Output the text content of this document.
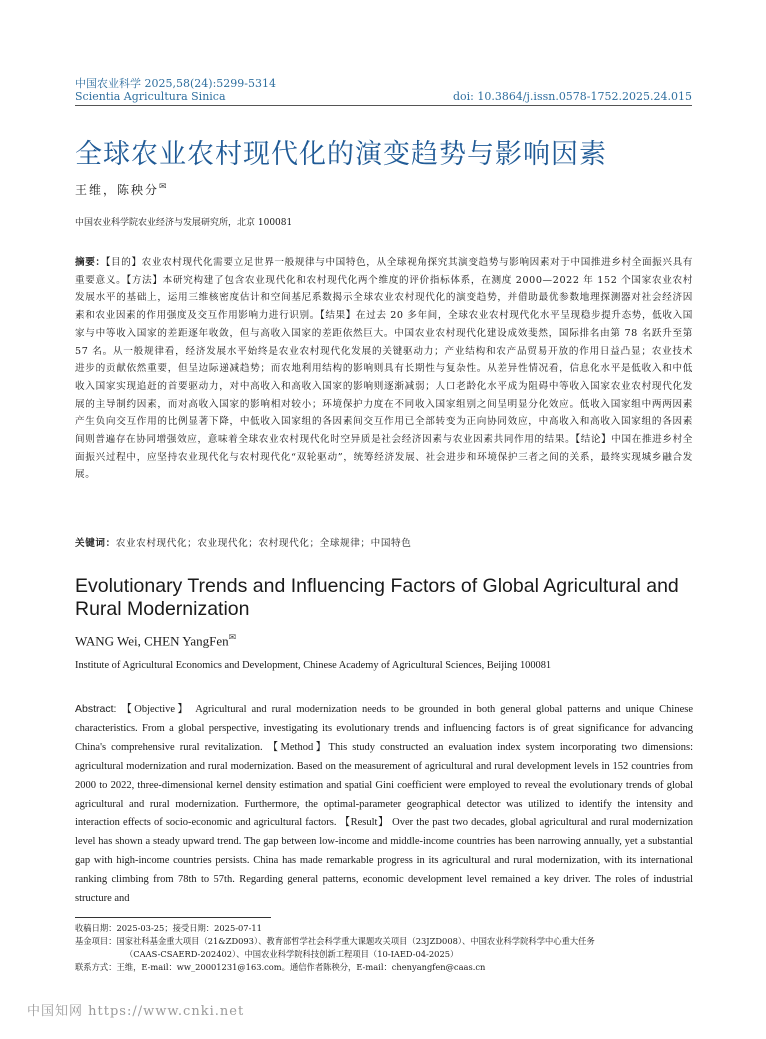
中国农业科学 2025,58(24):5299-5314
Scientia Agricultura Sinica	doi: 10.3864/j.issn.0578-1752.2025.24.015
全球农业农村现代化的演变趋势与影响因素
王维，陈秧分✉
中国农业科学院农业经济与发展研究所，北京 100081
摘要：【目的】农业农村现代化需要立足世界一般规律与中国特色，从全球视角探究其演变趋势与影响因素对于中国推进乡村全面振兴具有重要意义。【方法】本研究构建了包含农业现代化和农村现代化两个维度的评价指标体系，在测度 2000—2022 年 152 个国家农业农村发展水平的基础上，运用三维核密度估计和空间基尼系数揭示全球农业农村现代化的演变趋势，并借助最优参数地理探测器对社会经济因素和农业因素的作用强度及交互作用影响力进行识别。【结果】在过去 20 多年间，全球农业农村现代化水平呈现稳步提升态势，低收入国家与中等收入国家的差距逐年收敛，但与高收入国家的差距依然巨大。中国农业农村现代化建设成效斐然，国际排名由第 78 名跃升至第 57 名。从一般规律看，经济发展水平始终是农业农村现代化发展的关键驱动力；产业结构和农产品贸易开放的作用日益凸显；农业技术进步的贡献依然重要，但呈边际递减趋势；而农地利用结构的影响则具有长期性与复杂性。从差异性情况看，信息化水平是低收入和中低收入国家实现追赶的首要驱动力，对中高收入和高收入国家的影响则逐渐减弱；人口老龄化水平成为阻碍中等收入国家农业农村现代化发展的主导制约因素，而对高收入国家的影响相对较小；环境保护力度在不同收入国家组别之间呈明显分化效应。低收入国家组中两两因素产生负向交互作用的比例显著下降，中低收入国家组的各因素间交互作用已全部转变为正向协同效应，中高收入和高收入国家组的各因素间则普遍存在协同增强效应，意味着全球农业农村现代化时空异质是社会经济因素与农业因素共同作用的结果。【结论】中国在推进乡村全面振兴过程中，应坚持农业现代化与农村现代化“双轮驱动”，统筹经济发展、社会进步和环境保护三者之间的关系，最终实现城乡融合发展。
关键词：农业农村现代化；农业现代化；农村现代化；全球规律；中国特色
Evolutionary Trends and Influencing Factors of Global Agricultural and Rural Modernization
WANG Wei, CHEN YangFen✉
Institute of Agricultural Economics and Development, Chinese Academy of Agricultural Sciences, Beijing 100081
Abstract: 【Objective】 Agricultural and rural modernization needs to be grounded in both general global patterns and unique Chinese characteristics. From a global perspective, investigating its evolutionary trends and influencing factors is of great significance for advancing China's comprehensive rural revitalization. 【Method】This study constructed an evaluation index system incorporating two dimensions: agricultural modernization and rural modernization. Based on the measurement of agricultural and rural development levels in 152 countries from 2000 to 2022, three-dimensional kernel density estimation and spatial Gini coefficient were employed to reveal the evolutionary trends of global agricultural and rural modernization. Furthermore, the optimal-parameter geographical detector was utilized to identify the intensity and interaction effects of socio-economic and agricultural factors. 【Result】 Over the past two decades, global agricultural and rural modernization level has shown a steady upward trend. The gap between low-income and middle-income countries has been narrowing annually, yet a substantial gap with high-income countries persists. China has made remarkable progress in its agricultural and rural modernization, with its international ranking climbing from 78th to 57th. Regarding general patterns, economic development level remained a key driver. The roles of industrial structure and

收稿日期：2025-03-25；接受日期：2025-07-11

基金项目：国家社科基金重大项目（21&ZD093）、教育部哲学社会科学重大课题攻关项目（23JZD008）、中国农业科学院科学中心重大任务

（CAAS-CSAERD-202402）、中国农业科学院科技创新工程项目（10-IAED-04-2025）

联系方式：王维，E-mail：ww_20001231@163.com。通信作者陈秧分，E-mail：chenyangfen@caas.cn

中国知网 https://www.cnki.net
